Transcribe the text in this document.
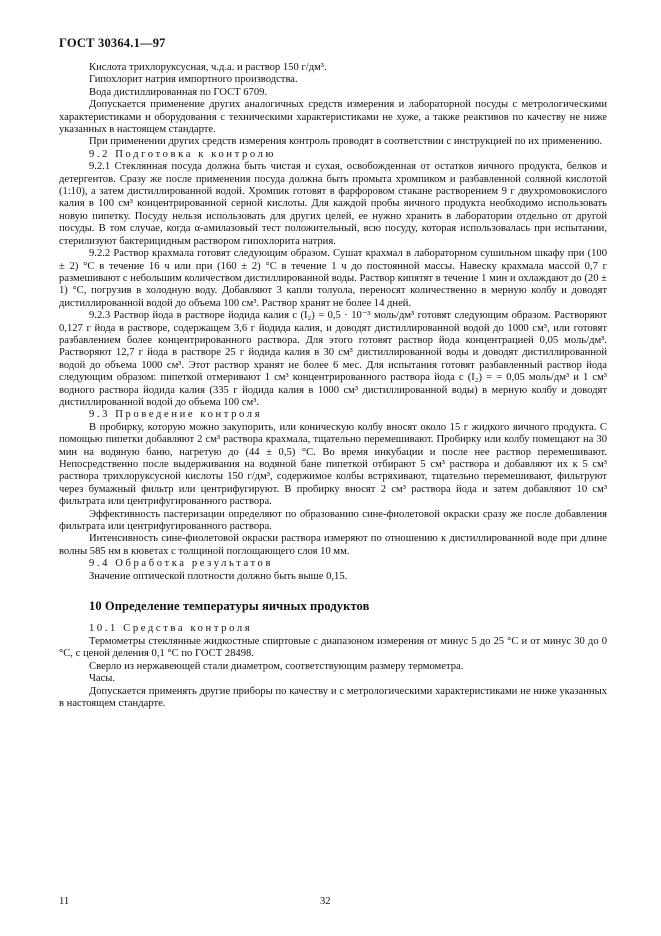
ГОСТ 30364.1—97

Кислота трихлоруксусная, ч.д.а. и раствор 150 г/дм³.

Гипохлорит натрия импортного производства.

Вода дистиллированная по ГОСТ 6709.

Допускается применение других аналогичных средств измерения и лабораторной посуды с метрологическими характеристиками и оборудования с техническими характеристиками не хуже, а также реактивов по качеству не ниже указанных в настоящем стандарте.

При применении других средств измерения контроль проводят в соответствии с инструкцией по их применению.

9.2 Подготовка к контролю

9.2.1 Стеклянная посуда должна быть чистая и сухая, освобожденная от остатков яичного продукта, белков и детергентов. Сразу же после применения посуда должна быть промыта хромпиком и разбавленной соляной кислотой (1:10), а затем дистиллированной водой. Хромпик готовят в фарфоровом стакане растворением 9 г двухромовокислого калия в 100 см³ концентрированной серной кислоты. Для каждой пробы яичного продукта необходимо использовать новую пипетку. Посуду нельзя использовать для других целей, ее нужно хранить в лаборатории отдельно от другой посуды. В том случае, когда α-амилазовый тест положительный, всю посуду, которая использовалась при испытании, стерилизуют бактерицидным раствором гипохлорита натрия.

9.2.2 Раствор крахмала готовят следующим образом. Сушат крахмал в лабораторном сушильном шкафу при (100 ± 2) °С в течение 16 ч или при (160 ± 2) °С в течение 1 ч до постоянной массы. Навеску крахмала массой 0,7 г размешивают с небольшим количеством дистиллированной воды. Раствор кипятят в течение 1 мин и охлаждают до (20 ± 1) °С, погрузив в холодную воду. Добавляют 3 капли толуола, переносят количественно в мерную колбу и доводят дистиллированной водой до объема 100 см³. Раствор хранят не более 14 дней.

9.2.3 Раствор йода в растворе йодида калия c (I₂) = 0,5 · 10⁻³ моль/дм³ готовят следующим образом. Растворяют 0,127 г йода в растворе, содержащем 3,6 г йодида калия, и доводят дистиллированной водой до 1000 см³, или готовят разбавлением более концентрированного раствора. Для этого готовят раствор йода концентрацией 0,05 моль/дм³. Растворяют 12,7 г йода в растворе 25 г йодида калия в 30 см³ дистиллированной воды и доводят дистиллированной водой до объема 1000 см³. Этот раствор хранят не более 6 мес. Для испытания готовят разбавленный раствор йода следующим образом: пипеткой отмеривают 1 см³ концентрированного раствора йода c (I₂) = = 0,05 моль/дм³ и 1 см³ водного раствора йодида калия (335 г йодида калия в 1000 см³ дистиллированной воды) в мерную колбу и доводят дистиллированной водой до объема 100 см³.

9.3 Проведение контроля

В пробирку, которую можно закупорить, или коническую колбу вносят около 15 г жидкого яичного продукта. С помощью пипетки добавляют 2 см³ раствора крахмала, тщательно перемешивают. Пробирку или колбу помещают на 30 мин на водяную баню, нагретую до (44 ± 0,5) °С. Во время инкубации и после нее раствор перемешивают. Непосредственно после выдерживания на водяной бане пипеткой отбирают 5 см³ раствора и добавляют их к 5 см³ раствора трихлоруксусной кислоты 150 г/дм³, содержимое колбы встряхивают, тщательно перемешивают, фильтруют через бумажный фильтр или центрифугируют. В пробирку вносят 2 см³ раствора йода и затем добавляют 10 см³ фильтрата или центрифугированного раствора.

Эффективность пастеризации определяют по образованию сине-фиолетовой окраски сразу же после добавления фильтрата или центрифугированного раствора.

Интенсивность сине-фиолетовой окраски раствора измеряют по отношению к дистиллированной воде при длине волны 585 нм в кюветах с толщиной поглощающего слоя 10 мм.

9.4 Обработка результатов

Значение оптической плотности должно быть выше 0,15.

10 Определение температуры яичных продуктов

10.1 Средства контроля

Термометры стеклянные жидкостные спиртовые с диапазоном измерения от минус 5 до 25 °С и от минус 30 до 0 °С, с ценой деления 0,1 °С по ГОСТ 28498.

Сверло из нержавеющей стали диаметром, соответствующим размеру термометра.

Часы.

Допускается применять другие приборы по качеству и с метрологическими характеристиками не ниже указанных в настоящем стандарте.

11	32
